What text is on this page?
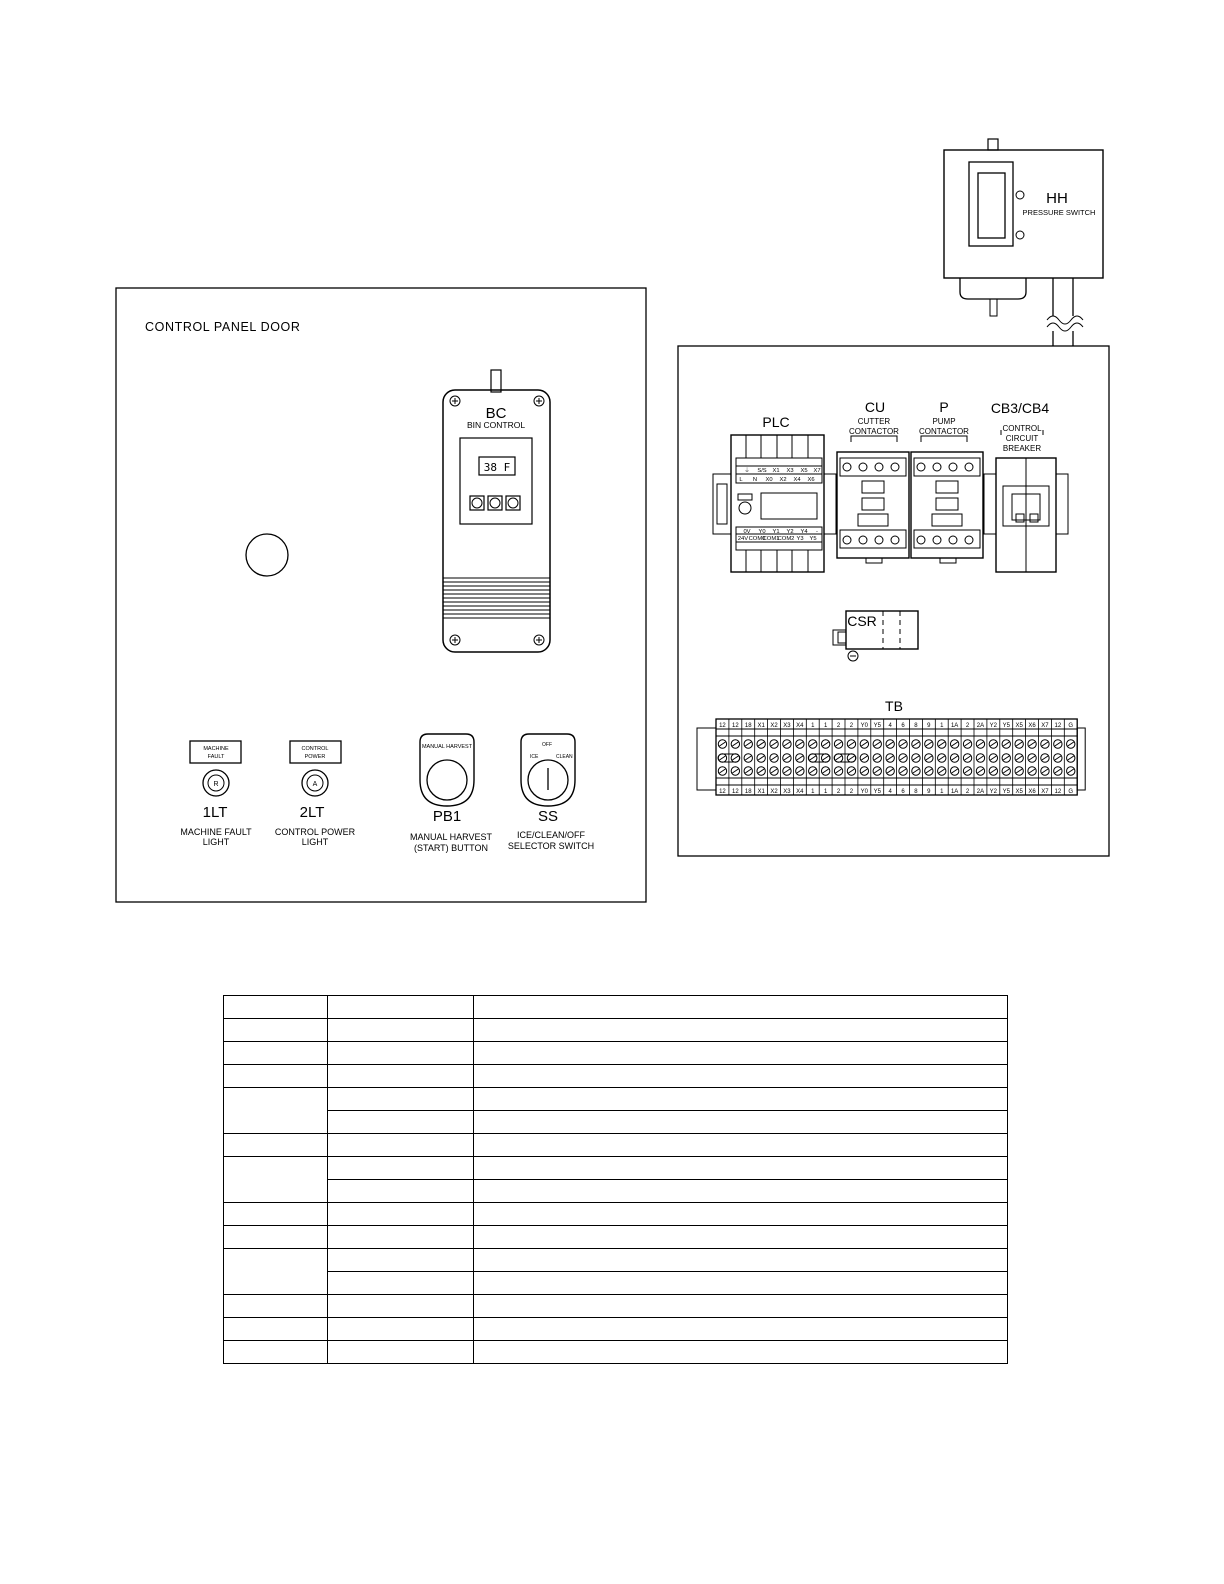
CONTROL PANEL DOOR
BC
BIN CONTROL
38 F
MACHINE
FAULT
R
1LT
MACHINE FAULT
LIGHT
CONTROL
POWER
A
2LT
CONTROL POWER
LIGHT
MANUAL HARVEST
PB1
MANUAL HARVEST
(START) BUTTON
OFF
ICE	CLEAN
SS
ICE/CLEAN/OFF
SELECTOR SWITCH
HH
PRESSURE SWITCH
PLC
⏚ S/S X1 X3 X5 X7
L N X0 X2 X4 X6
0V Y0 Y1 Y2 Y4 -
24V COM0
COM1
COM2 Y3 Y5
CU
CUTTER
CONTACTOR
P
PUMP
CONTACTOR
CB3/CB4
CONTROL
CIRCUIT
BREAKER
CSR
TB
12
12
12
12
18
18
X1
X1
X2
X2
X3
X3
X4
X4
1
1
1
1
2
2
2
2
Y0
Y0
Y5
Y5
4
4
6
6
8
8
9
9
1
1
1A
1A
2
2
2A
2A
Y2
Y2
Y5
Y5
X5
X5
X6
X6
X7
X7
12
12
G
G
